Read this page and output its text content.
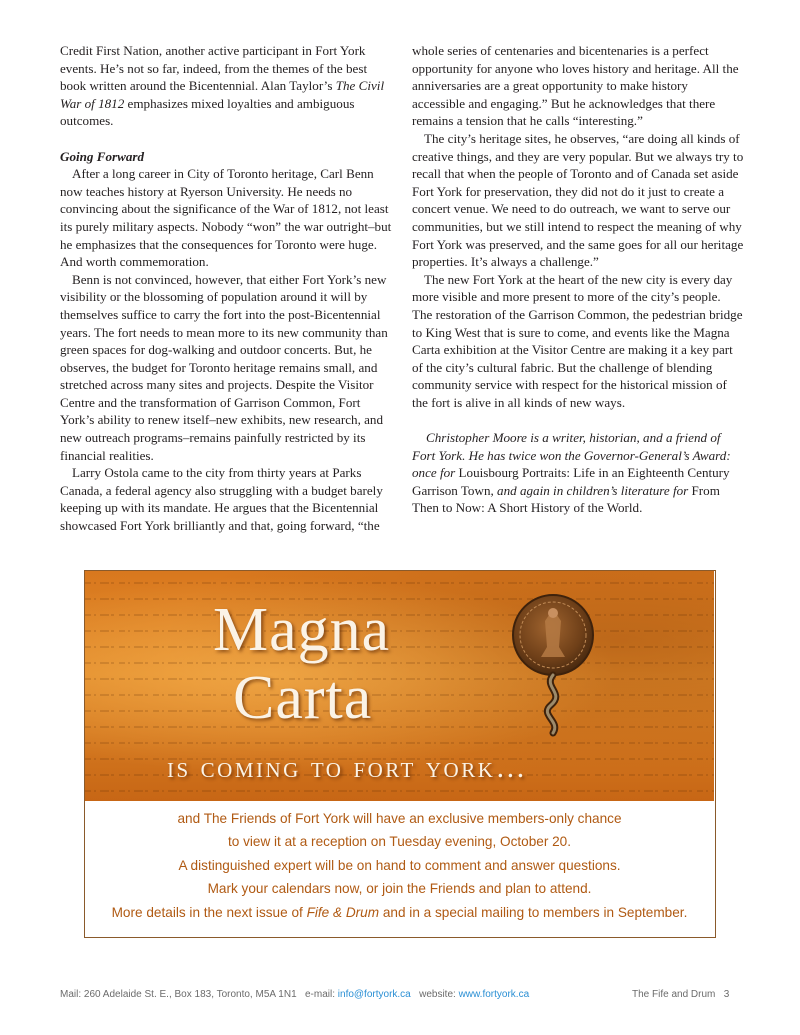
Credit First Nation, another active participant in Fort York events. He’s not so far, indeed, from the themes of the best book written around the Bicentennial. Alan Taylor’s The Civil War of 1812 emphasizes mixed loyalties and ambiguous outcomes.

Going Forward

After a long career in City of Toronto heritage, Carl Benn now teaches history at Ryerson University. He needs no convincing about the significance of the War of 1812, not least its purely military aspects. Nobody “won” the war outright–but he emphasizes that the consequences for Toronto were huge. And worth commemoration.

Benn is not convinced, however, that either Fort York’s new visibility or the blossoming of population around it will by themselves suffice to carry the fort into the post-Bicentennial years. The fort needs to mean more to its new community than green spaces for dog-walking and outdoor concerts. But, he observes, the budget for Toronto heritage remains small, and stretched across many sites and projects. Despite the Visitor Centre and the transformation of Garrison Common, Fort York’s ability to renew itself–new exhibits, new research, and new outreach programs–remains painfully restricted by its financial realities.

Larry Ostola came to the city from thirty years at Parks Canada, a federal agency also struggling with a budget barely keeping up with its mandate. He argues that the Bicentennial showcased Fort York brilliantly and that, going forward, “the

whole series of centenaries and bicentenaries is a perfect opportunity for anyone who loves history and heritage. All the anniversaries are a great opportunity to make history accessible and engaging.” But he acknowledges that there remains a tension that he calls “interesting.”

The city’s heritage sites, he observes, “are doing all kinds of creative things, and they are very popular. But we always try to recall that when the people of Toronto and of Canada set aside Fort York for preservation, they did not do it just to create a concert venue. We need to do outreach, we want to serve our communities, but we still intend to respect the meaning of why Fort York was preserved, and the same goes for all our heritage properties. It’s always a challenge.”

The new Fort York at the heart of the new city is every day more visible and more present to more of the city’s people. The restoration of the Garrison Common, the pedestrian bridge to King West that is sure to come, and events like the Magna Carta exhibition at the Visitor Centre are making it a key part of the city’s cultural fabric. But the challenge of blending community service with respect for the historical mission of the fort is alive in all kinds of new ways.

Christopher Moore is a writer, historian, and a friend of Fort York. He has twice won the Governor-General’s Award: once for Louisbourg Portraits: Life in an Eighteenth Century Garrison Town, and again in children’s literature for From Then to Now: A Short History of the World.

Magna
Carta
is coming to fort york…

and The Friends of Fort York will have an exclusive members-only chance

to view it at a reception on Tuesday evening, October 20.

A distinguished expert will be on hand to comment and answer questions.

Mark your calendars now, or join the Friends and plan to attend.

More details in the next issue of Fife & Drum and in a special mailing to members in September.

Mail: 260 Adelaide St. E., Box 183, Toronto, M5A 1N1 e-mail: info@fortyork.ca website: www.fortyork.ca	The Fife and Drum 3
